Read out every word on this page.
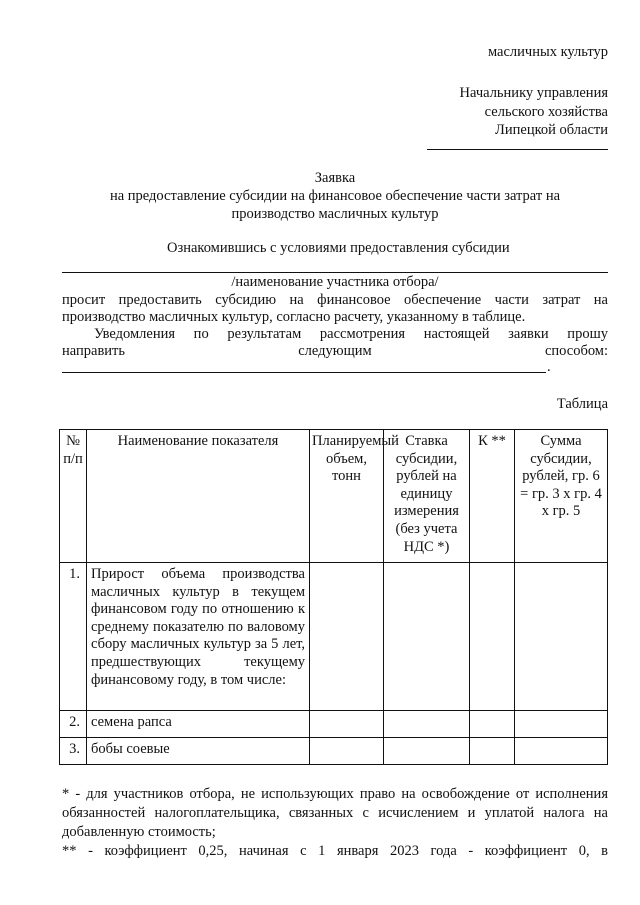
масличных культур
Начальнику управления
сельского хозяйства
Липецкой области
Заявка
на предоставление субсидии на финансовое обеспечение части затрат на
производство масличных культур
Ознакомившись с условиями предоставления субсидии
/наименование участника отбора/
просит предоставить субсидию на финансовое обеспечение части затрат на
производство масличных культур, согласно расчету, указанному в таблице.
Уведомления по результатам рассмотрения настоящей заявки прошу
направить следующим способом:
.
Таблица
№ п/п	Наименование показателя	Планируемый объем, тонн	Ставка субсидии, рублей на единицу измерения (без учета НДС *)	К **	Сумма субсидии, рублей, гр. 6 = гр. 3 х гр. 4 х гр. 5
1.	Прирост объема производства масличных культур в текущем финансовом году по отношению к среднему показателю по валовому сбору масличных культур за 5 лет, предшествующих текущему финансовому году, в том числе:				
2.	семена рапса				
3.	бобы соевые				
* - для участников отбора, не использующих право на освобождение от исполнения обязанностей налогоплательщика, связанных с исчислением и уплатой налога на добавленную стоимость;
** - коэффициент 0,25, начиная с 1 января 2023 года - коэффициент 0, в
